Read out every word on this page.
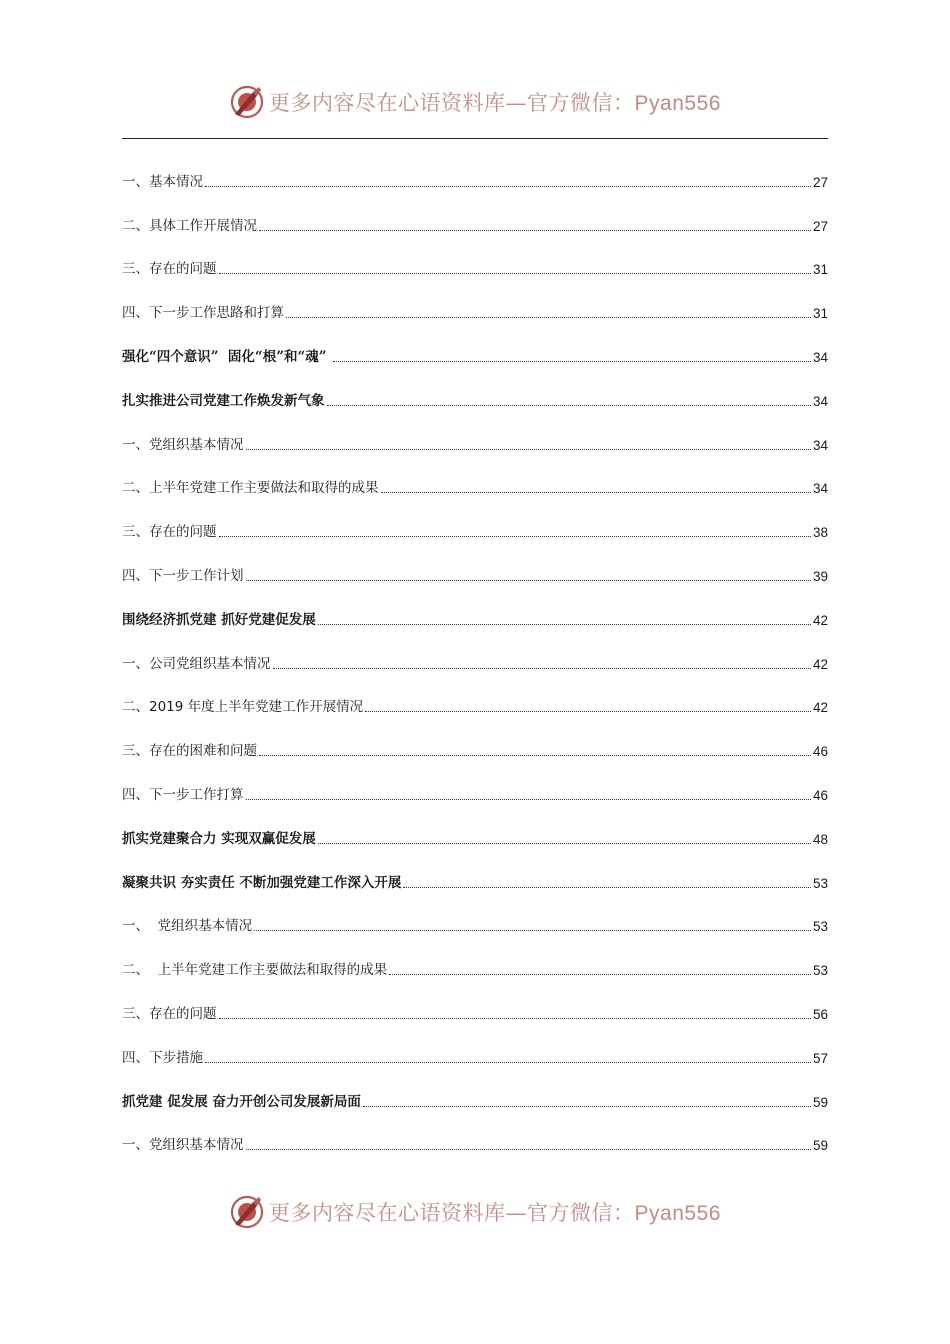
更多内容尽在心语资料库—官方微信：Pyan556
一、基本情况	27
二、具体工作开展情况	27
三、存在的问题	31
四、下一步工作思路和打算	31
强化“四个意识”  固化“根”和“魂”	34
扎实推进公司党建工作焕发新气象	34
一、党组织基本情况	34
二、上半年党建工作主要做法和取得的成果	34
三、存在的问题	38
四、下一步工作计划	39
围绕经济抓党建 抓好党建促发展	42
一、公司党组织基本情况	42
二、2019 年度上半年党建工作开展情况	42
三、存在的困难和问题	46
四、下一步工作打算	46
抓实党建聚合力 实现双赢促发展	48
凝聚共识 夯实责任 不断加强党建工作深入开展	53
一、  党组织基本情况	53
二、  上半年党建工作主要做法和取得的成果	53
三、存在的问题	56
四、下步措施	57
抓党建 促发展 奋力开创公司发展新局面	59
一、党组织基本情况	59
更多内容尽在心语资料库—官方微信：Pyan556
